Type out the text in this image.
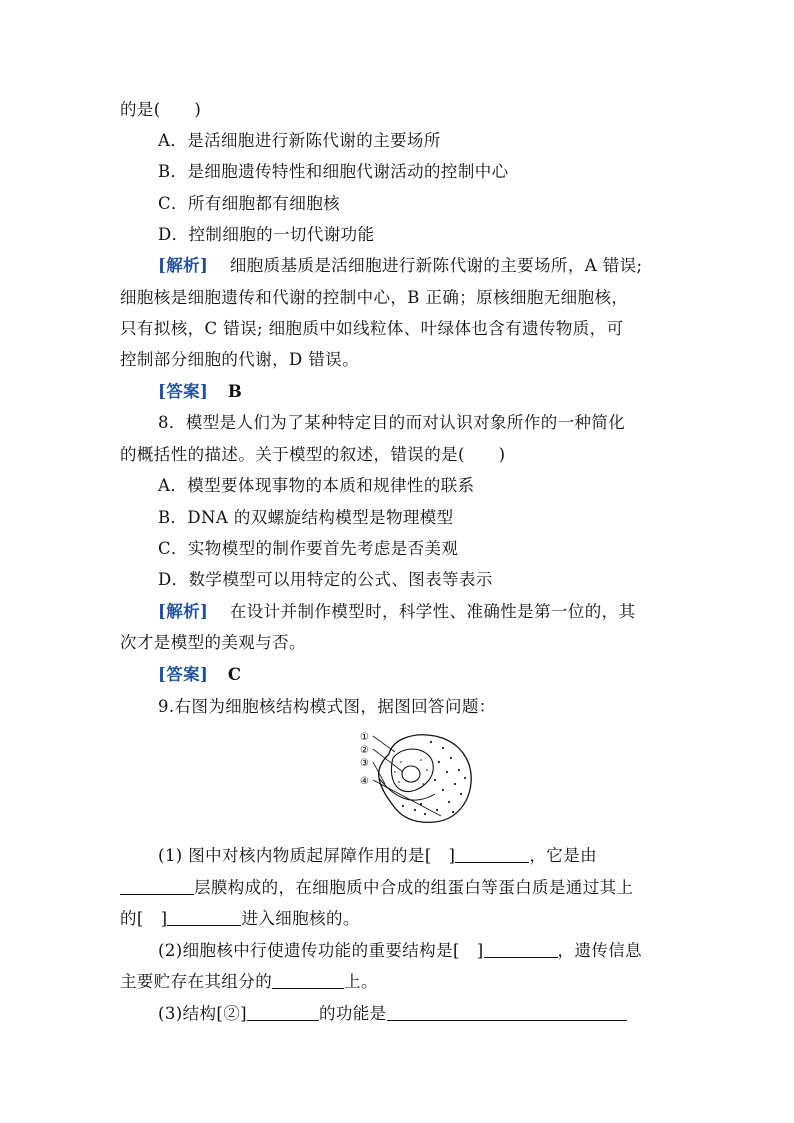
的是(　　)
A．是活细胞进行新陈代谢的主要场所
B．是细胞遗传特性和细胞代谢活动的控制中心
C．所有细胞都有细胞核
D．控制细胞的一切代谢功能
[解析] 细胞质基质是活细胞进行新陈代谢的主要场所，A 错误;
细胞核是细胞遗传和代谢的控制中心，B 正确；原核细胞无细胞核，
只有拟核，C 错误; 细胞质中如线粒体、叶绿体也含有遗传物质，可
控制部分细胞的代谢，D 错误。
[答案] B
8．模型是人们为了某种特定目的而对认识对象所作的一种简化
的概括性的描述。关于模型的叙述，错误的是(　　)
A．模型要体现事物的本质和规律性的联系
B．DNA 的双螺旋结构模型是物理模型
C．实物模型的制作要首先考虑是否美观
D．数学模型可以用特定的公式、图表等表示
[解析] 在设计并制作模型时，科学性、准确性是第一位的，其
次才是模型的美观与否。
[答案] C
9.右图为细胞核结构模式图，据图回答问题：
①
②
③
④
(1) 图中对核内物质起屏障作用的是[　]	，它是由
层膜构成的，在细胞质中合成的组蛋白等蛋白质是通过其上
的[　]	进入细胞核的。
(2)细胞核中行使遗传功能的重要结构是[　]	，遗传信息
主要贮存在其组分的	上。
(3)结构[②]	的功能是
